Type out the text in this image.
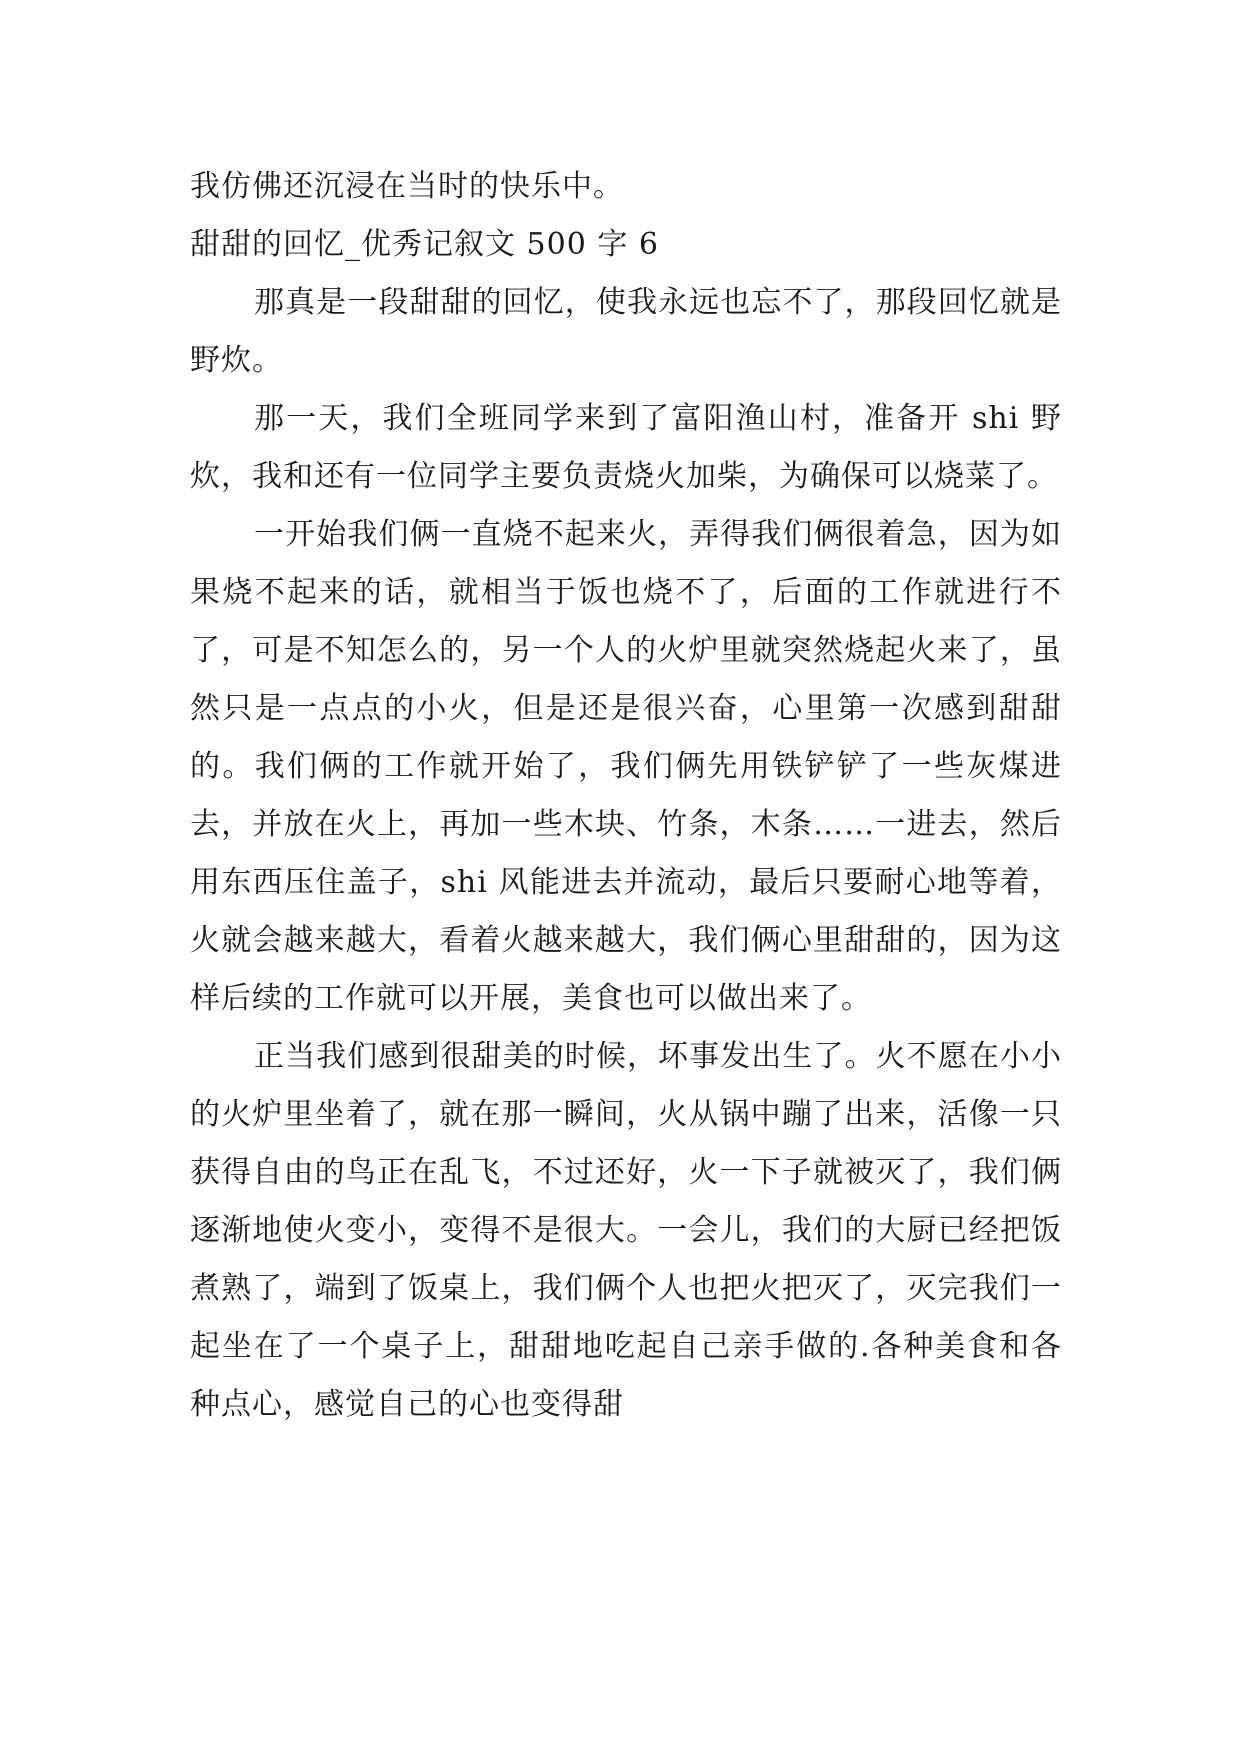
我仿佛还沉浸在当时的快乐中。

甜甜的回忆_优秀记叙文 500 字 6

那真是一段甜甜的回忆，使我永远也忘不了，那段回忆就是野炊。

那一天，我们全班同学来到了富阳渔山村，准备开 shi 野炊，我和还有一位同学主要负责烧火加柴，为确保可以烧菜了。

一开始我们俩一直烧不起来火，弄得我们俩很着急，因为如果烧不起来的话，就相当于饭也烧不了，后面的工作就进行不了，可是不知怎么的，另一个人的火炉里就突然烧起火来了，虽然只是一点点的小火，但是还是很兴奋，心里第一次感到甜甜的。我们俩的工作就开始了，我们俩先用铁铲铲了一些灰煤进去，并放在火上，再加一些木块、竹条，木条……一进去，然后用东西压住盖子，shi 风能进去并流动，最后只要耐心地等着，火就会越来越大，看着火越来越大，我们俩心里甜甜的，因为这样后续的工作就可以开展，美食也可以做出来了。

正当我们感到很甜美的时候，坏事发出生了。火不愿在小小的火炉里坐着了，就在那一瞬间，火从锅中蹦了出来，活像一只获得自由的鸟正在乱飞，不过还好，火一下子就被灭了，我们俩逐渐地使火变小，变得不是很大。一会儿，我们的大厨已经把饭煮熟了，端到了饭桌上，我们俩个人也把火把灭了，灭完我们一起坐在了一个桌子上，甜甜地吃起自己亲手做的.各种美食和各种点心，感觉自己的心也变得甜
